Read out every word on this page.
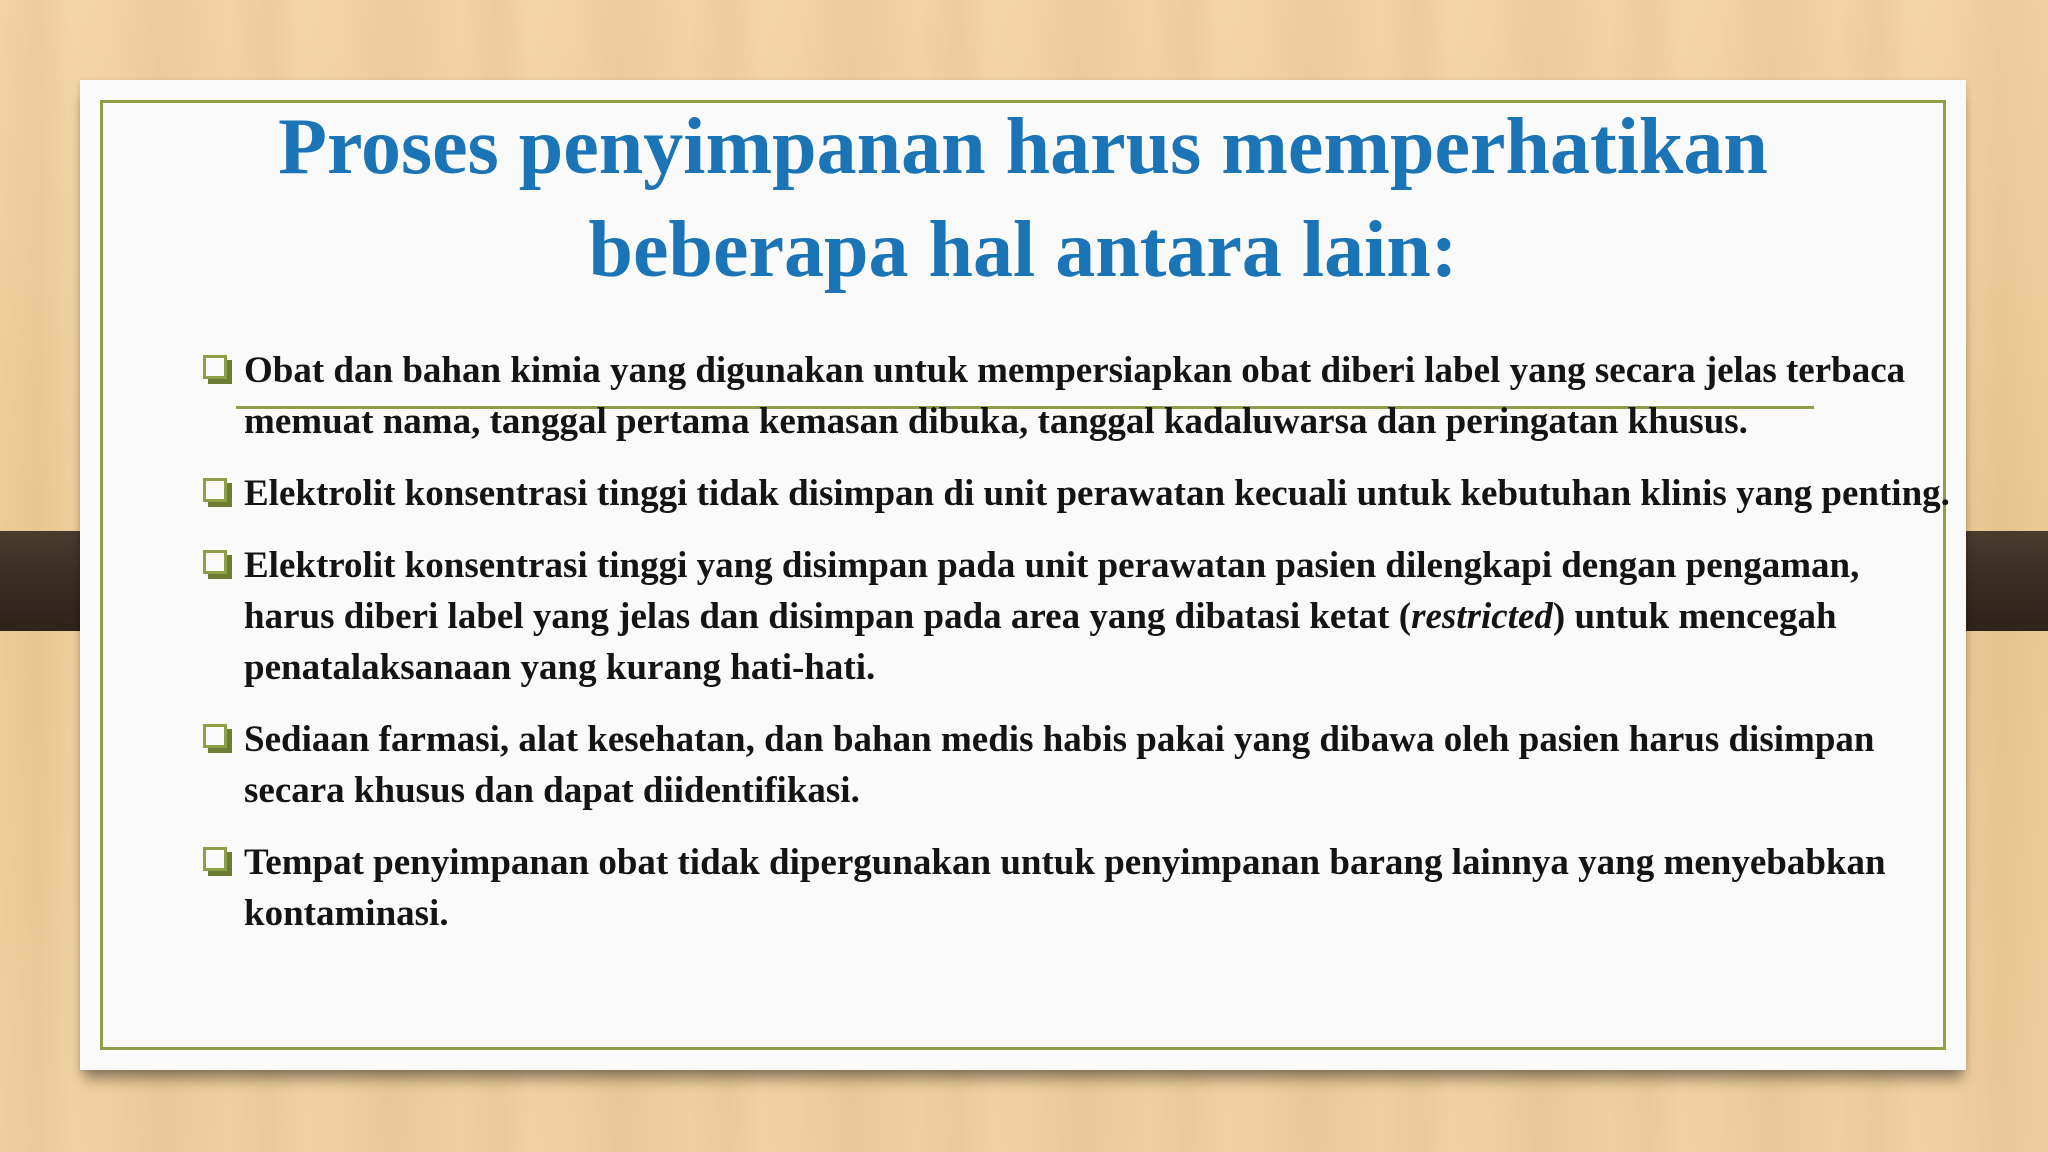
Proses penyimpanan harus memperhatikan
beberapa hal antara lain:
Obat dan bahan kimia yang digunakan untuk mempersiapkan obat diberi label yang secara jelas terbaca memuat nama, tanggal pertama kemasan dibuka, tanggal kadaluwarsa dan peringatan khusus.
Elektrolit konsentrasi tinggi tidak disimpan di unit perawatan kecuali untuk kebutuhan klinis yang penting.
Elektrolit konsentrasi tinggi yang disimpan pada unit perawatan pasien dilengkapi dengan pengaman, harus diberi label yang jelas dan disimpan pada area yang dibatasi ketat (restricted) untuk mencegah penatalaksanaan yang kurang hati-hati.
Sediaan farmasi, alat kesehatan, dan bahan medis habis pakai yang dibawa oleh pasien harus disimpan secara khusus dan dapat diidentifikasi.
Tempat penyimpanan obat tidak dipergunakan untuk penyimpanan barang lainnya yang menyebabkan kontaminasi.
